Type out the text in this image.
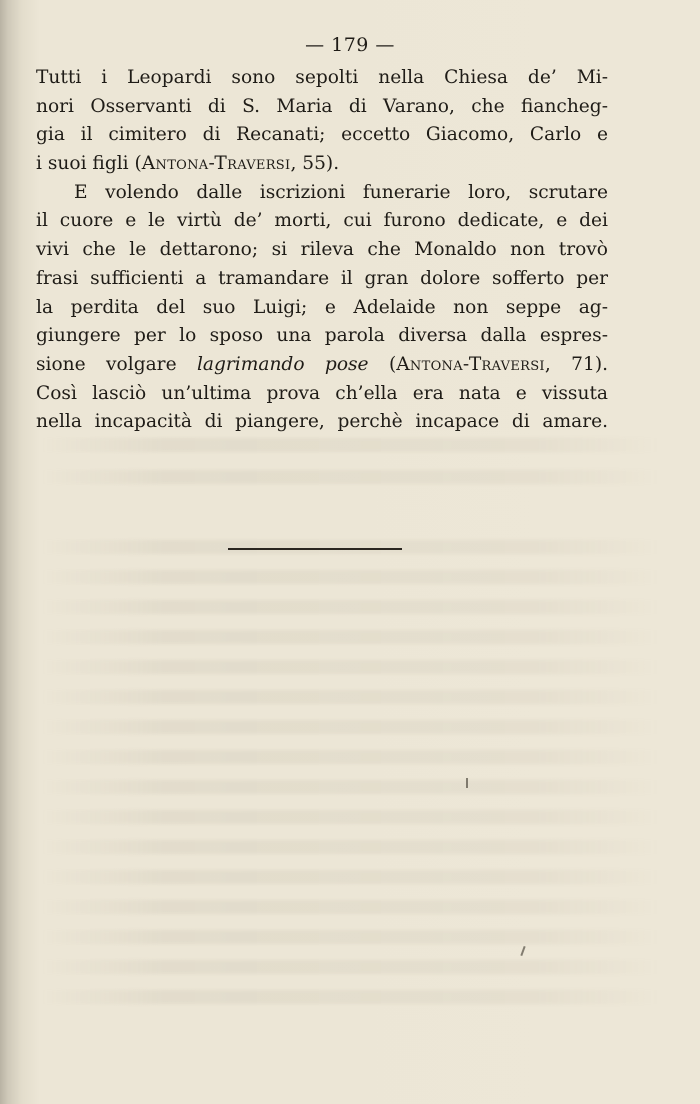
— 179 —
Tutti i Leopardi sono sepolti nella Chiesa de’ Mi-
nori Osservanti di S. Maria di Varano, che fiancheg-
gia il cimitero di Recanati; eccetto Giacomo, Carlo e
i suoi figli (Antona-Traversi, 55).
E volendo dalle iscrizioni funerarie loro, scrutare
il cuore e le virtù de’ morti, cui furono dedicate, e dei
vivi che le dettarono; si rileva che Monaldo non trovò
frasi sufficienti a tramandare il gran dolore sofferto per
la perdita del suo Luigi; e Adelaide non seppe ag-
giungere per lo sposo una parola diversa dalla espres-
sione volgare lagrimando pose (Antona-Traversi, 71).
Così lasciò un’ultima prova ch’ella era nata e vissuta
nella incapacità di piangere, perchè incapace di amare.
